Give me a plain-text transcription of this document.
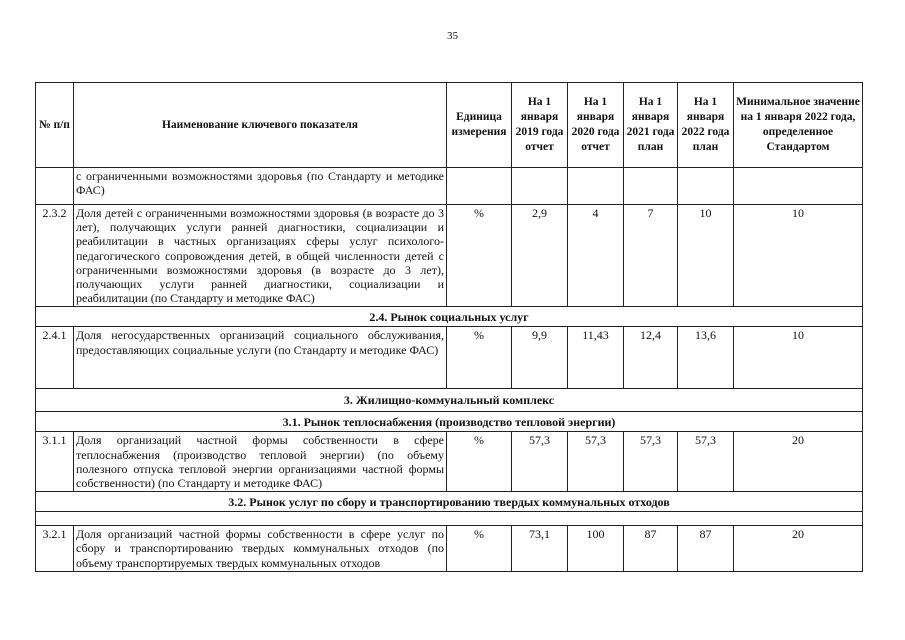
35
№ п/п	Наименование ключевого показателя	Единица измерения	На 1 января 2019 года отчет	На 1 января 2020 года отчет	На 1 января 2021 года план	На 1 января 2022 года план	Минимальное значение на 1 января 2022 года, определенное Стандартом
	с ограниченными возможностями здоровья (по Стандарту и методике ФАС)						
2.3.2	Доля детей с ограниченными возможностями здоровья (в возрасте до 3 лет), получающих услуги ранней диагностики, социализации и реабилитации в частных организациях сферы услуг психолого-педагогического сопровождения детей, в общей численности детей с ограниченными возможностями здоровья (в возрасте до 3 лет), получающих услуги ранней диагностики, социализации и реабилитации (по Стандарту и методике ФАС)	%	2,9	4	7	10	10
2.4. Рынок социальных услуг							
2.4.1	Доля негосударственных организаций социального обслуживания, предоставляющих социальные услуги (по Стандарту и методике ФАС)	%	9,9	11,43	12,4	13,6	10
3. Жилищно-коммунальный комплекс							
3.1. Рынок теплоснабжения (производство тепловой энергии)							
3.1.1	Доля организаций частной формы собственности в сфере теплоснабжения (производство тепловой энергии) (по объему полезного отпуска тепловой энергии организациями частной формы собственности) (по Стандарту и методике ФАС)	%	57,3	57,3	57,3	57,3	20
3.2. Рынок услуг по сбору и транспортированию твердых коммунальных отходов							

3.2.1	Доля организаций частной формы собственности в сфере услуг по сбору и транспортированию твердых коммунальных отходов (по объему транспортируемых твердых коммунальных отходов	%	73,1	100	87	87	20
